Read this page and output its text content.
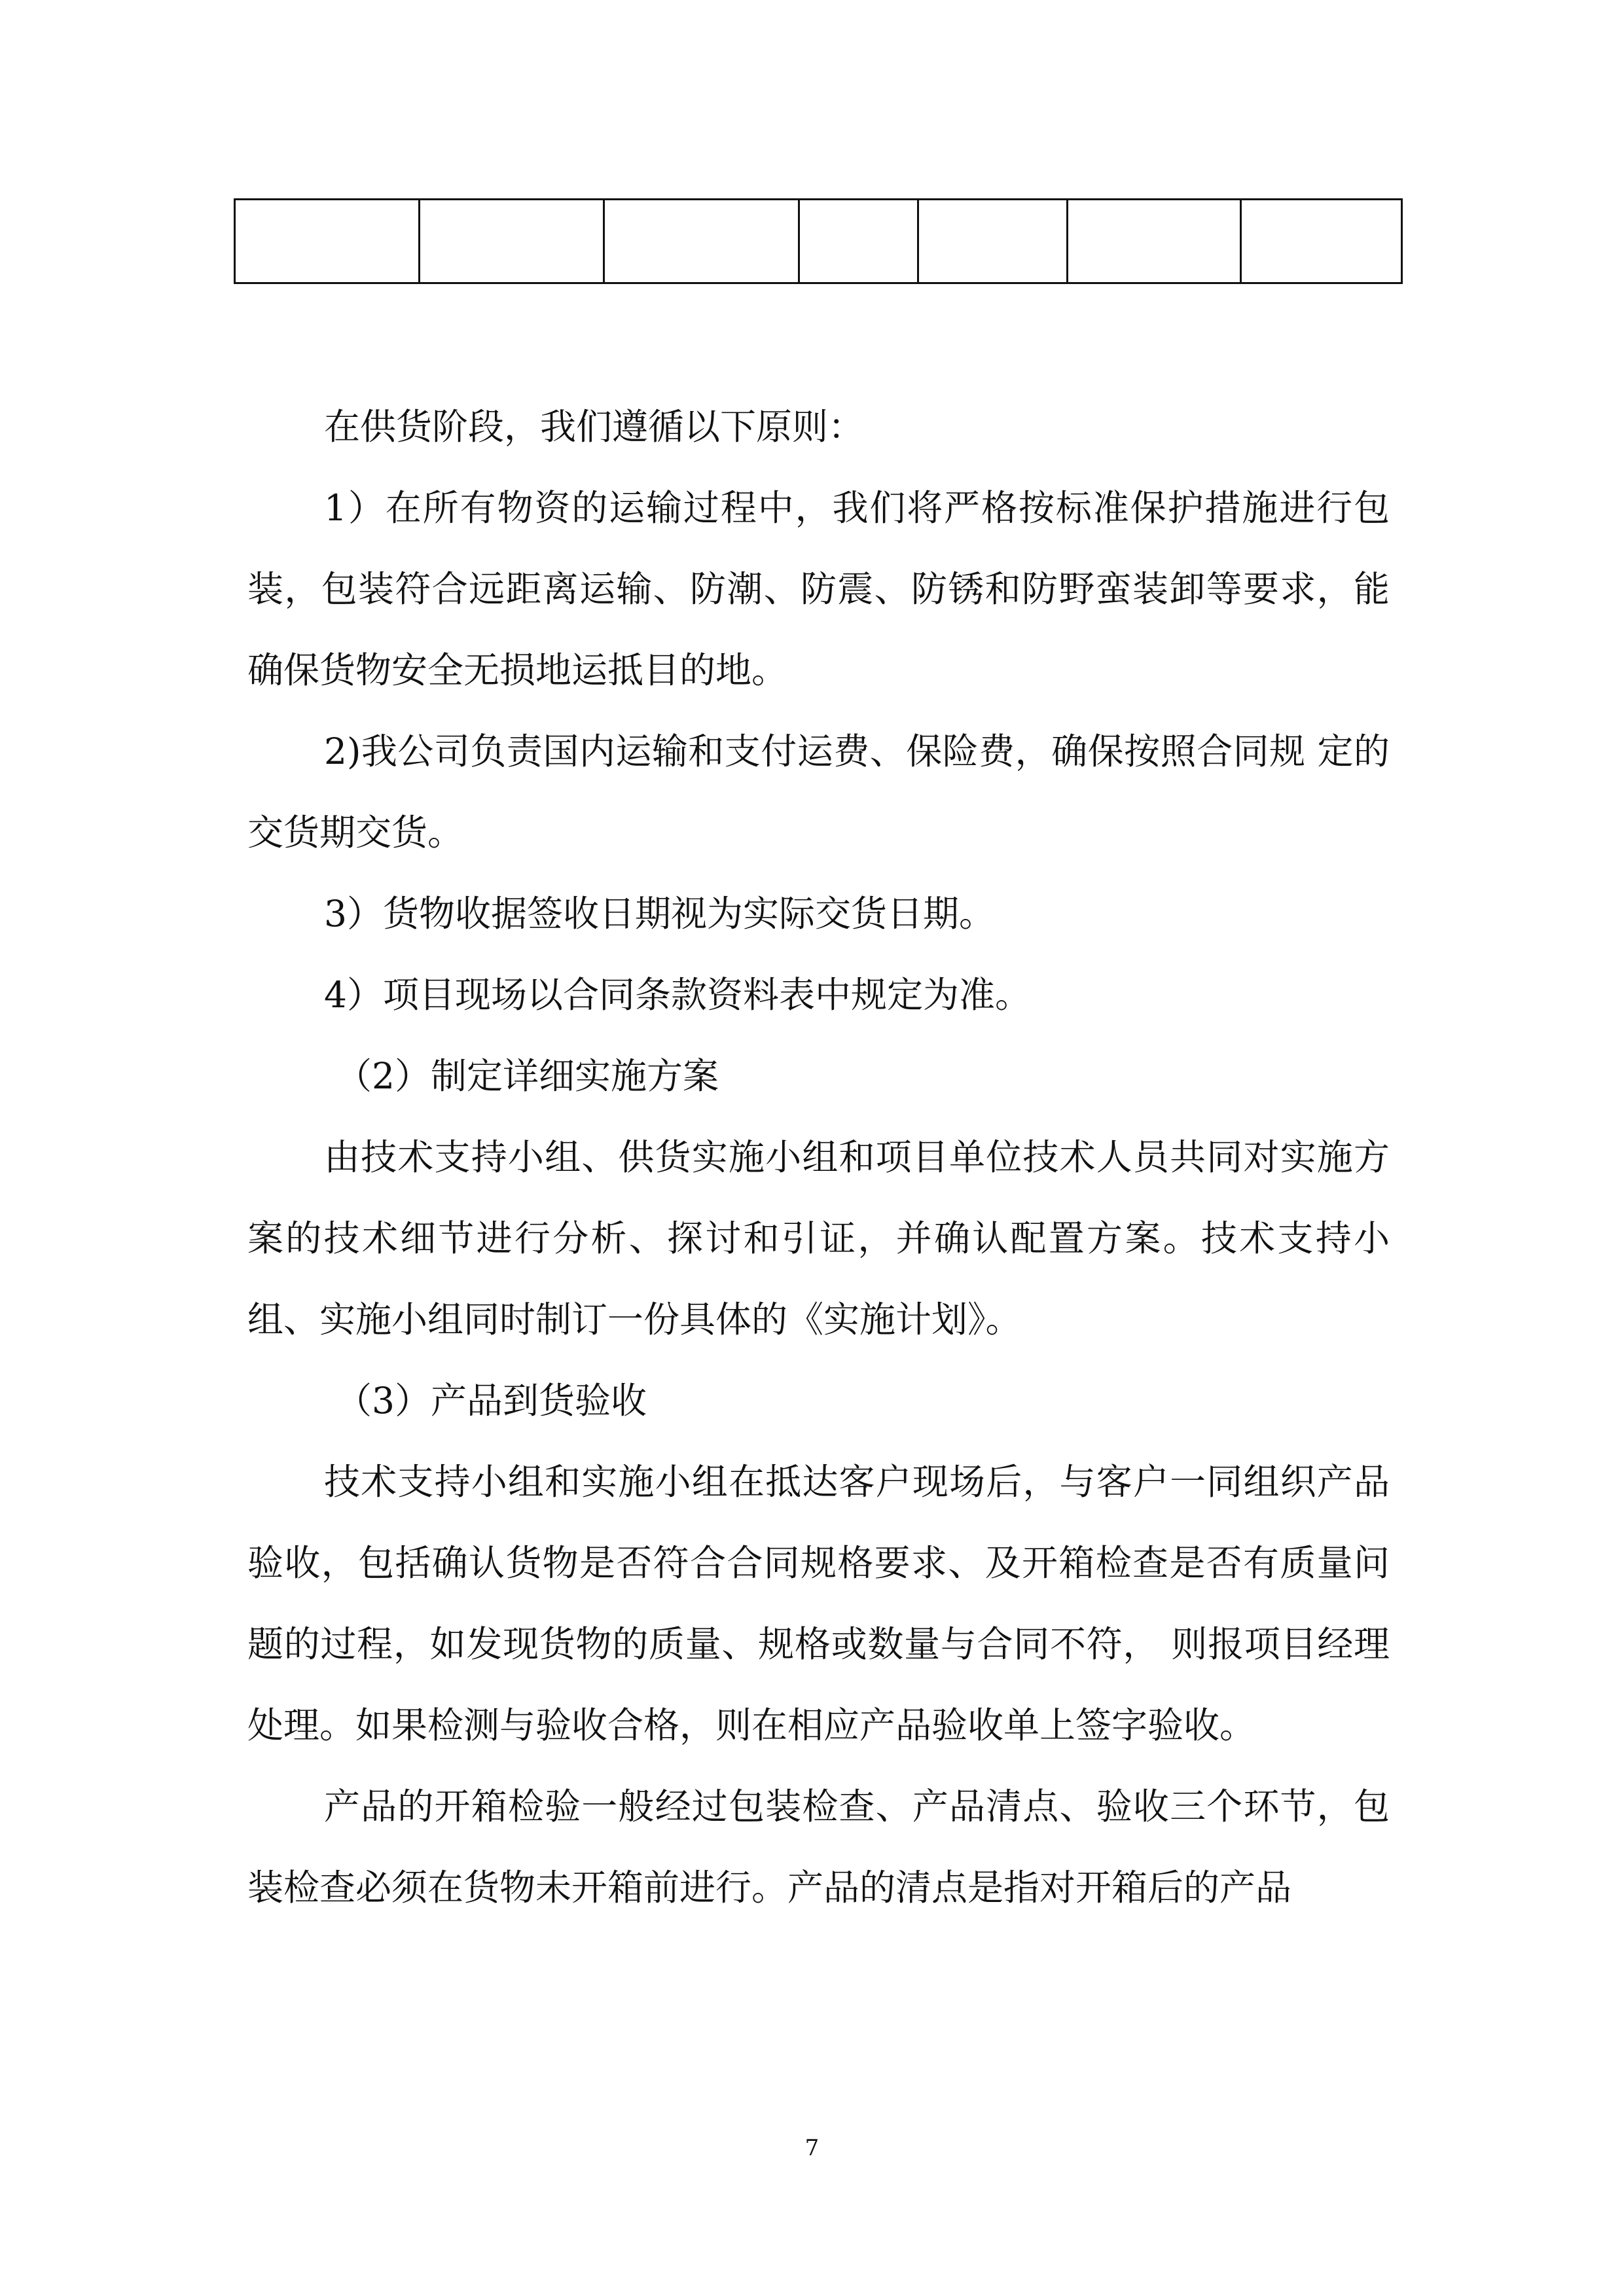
在供货阶段，我们遵循以下原则：

1）在所有物资的运输过程中，我们将严格按标准保护措施进行包装，包装符合远距离运输、防潮、防震、防锈和防野蛮装卸等要求，能确保货物安全无损地运抵目的地。

2)我公司负责国内运输和支付运费、保险费，确保按照合同规 定的交货期交货。

3）货物收据签收日期视为实际交货日期。

4）项目现场以合同条款资料表中规定为准。

（2）制定详细实施方案

由技术支持小组、供货实施小组和项目单位技术人员共同对实施方案的技术细节进行分析、探讨和引证，并确认配置方案。技术支持小组、实施小组同时制订一份具体的《实施计划》。

（3）产品到货验收

技术支持小组和实施小组在抵达客户现场后，与客户一同组织产品验收，包括确认货物是否符合合同规格要求、及开箱检查是否有质量问题的过程，如发现货物的质量、规格或数量与合同不符， 则报项目经理处理。如果检测与验收合格，则在相应产品验收单上签字验收。

产品的开箱检验一般经过包装检查、产品清点、验收三个环节，包装检查必须在货物未开箱前进行。产品的清点是指对开箱后的产品

7
